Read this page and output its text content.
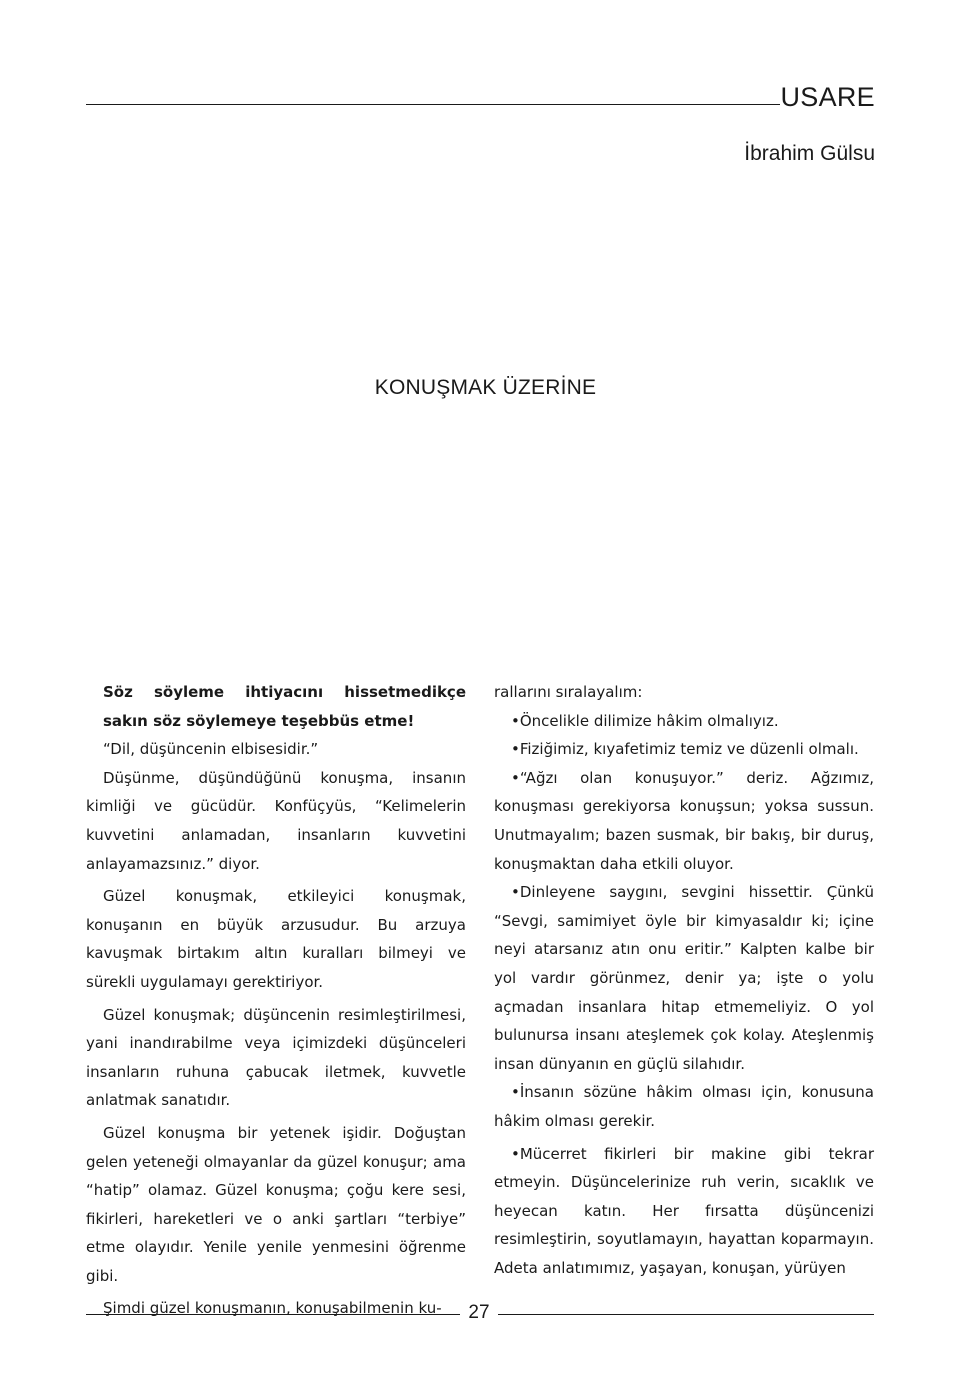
USARE
İbrahim Gülsu
KONUŞMAK ÜZERİNE

Söz söyleme ihtiyacını hissetmedikçe sakın söz söylemeye teşebbüs etme!

“Dil, düşüncenin elbisesidir.”

Düşünme, düşündüğünü konuşma, insanın kimliği ve gücüdür. Konfüçyüs, “Kelimelerin kuvvetini anlamadan, insanların kuvvetini anlayamazsınız.” diyor.

Güzel konuşmak, etkileyici konuşmak, konuşanın en büyük arzusudur. Bu arzuya kavuşmak birtakım altın kuralları bilmeyi ve sürekli uygulamayı gerektiriyor.

Güzel konuşmak; düşüncenin resimleştirilmesi, yani inandırabilme veya içimizdeki düşünceleri insanların ruhuna çabucak iletmek, kuvvetle anlatmak sanatıdır.

Güzel konuşma bir yetenek işidir. Doğuştan gelen yeteneği olmayanlar da güzel konuşur; ama “hatip” olamaz. Güzel konuşma; çoğu kere sesi, fikirleri, hareketleri ve o anki şartları “terbiye” etme olayıdır. Yenile yenile yenmesini öğrenme gibi.

Şimdi güzel konuşmanın, konuşabilmenin ku-

rallarını sıralayalım:

•Öncelikle dilimize hâkim olmalıyız.

•Fiziğimiz, kıyafetimiz temiz ve düzenli olmalı.

•“Ağzı olan konuşuyor.” deriz. Ağzımız, konuşması gerekiyorsa konuşsun; yoksa sussun. Unutmayalım; bazen susmak, bir bakış, bir duruş, konuşmaktan daha etkili oluyor.

•Dinleyene saygını, sevgini hissettir. Çünkü “Sevgi, samimiyet öyle bir kimyasaldır ki; içine neyi atarsanız atın onu eritir.” Kalpten kalbe bir yol vardır görünmez, denir ya; işte o yolu açmadan insanlara hitap etmemeliyiz. O yol bulunursa insanı ateşlemek çok kolay. Ateşlenmiş insan dünyanın en güçlü silahıdır.

•İnsanın sözüne hâkim olması için, konusuna hâkim olması gerekir.

•Mücerret fikirleri bir makine gibi tekrar etmeyin. Düşüncelerinize ruh verin, sıcaklık ve heyecan katın. Her fırsatta düşüncenizi resimleştirin, soyutlamayın, hayattan koparmayın. Adeta anlatımımız, yaşayan, konuşan, yürüyen

27
